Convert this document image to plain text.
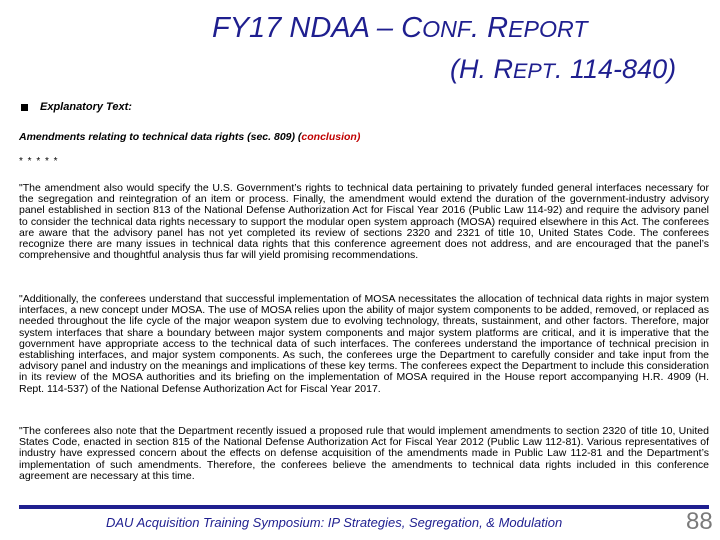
FY17 NDAA – CONF. REPORT
(H. REPT. 114-840)
Explanatory Text:
Amendments relating to technical data rights (sec. 809) (conclusion)
* * * * *

"The amendment also would specify the U.S. Government’s rights to technical data pertaining to privately funded general interfaces necessary for the segregation and reintegration of an item or process. Finally, the amendment would extend the duration of the government-industry advisory panel established in section 813 of the National Defense Authorization Act for Fiscal Year 2016 (Public Law 114-92) and require the advisory panel to consider the technical data rights necessary to support the modular open system approach (MOSA) required elsewhere in this Act. The conferees are aware that the advisory panel has not yet completed its review of sections 2320 and 2321 of title 10, United States Code. The conferees recognize there are many issues in technical data rights that this conference agreement does not address, and are encouraged that the panel’s comprehensive and thoughtful analysis thus far will yield promising recommendations.

"Additionally, the conferees understand that successful implementation of MOSA necessitates the allocation of technical data rights in major system interfaces, a new concept under MOSA. The use of MOSA relies upon the ability of major system components to be added, removed, or replaced as needed throughout the life cycle of the major weapon system due to evolving technology, threats, sustainment, and other factors. Therefore, major system interfaces that share a boundary between major system components and major system platforms are critical, and it is imperative that the government have appropriate access to the technical data of such interfaces. The conferees understand the importance of technical precision in establishing interfaces, and major system components. As such, the conferees urge the Department to carefully consider and take input from the advisory panel and industry on the meanings and implications of these key terms. The conferees expect the Department to include this consideration in its review of the MOSA authorities and its briefing on the implementation of MOSA required in the House report accompanying H.R. 4909 (H. Rept. 114-537) of the National Defense Authorization Act for Fiscal Year 2017.

"The conferees also note that the Department recently issued a proposed rule that would implement amendments to section 2320 of title 10, United States Code, enacted in section 815 of the National Defense Authorization Act for Fiscal Year 2012 (Public Law 112-81). Various representatives of industry have expressed concern about the effects on defense acquisition of the amendments made in Public Law 112-81 and the Department’s implementation of such amendments. Therefore, the conferees believe the amendments to technical data rights included in this conference agreement are necessary at this time.

DAU Acquisition Training Symposium: IP Strategies, Segregation, & Modulation	88
